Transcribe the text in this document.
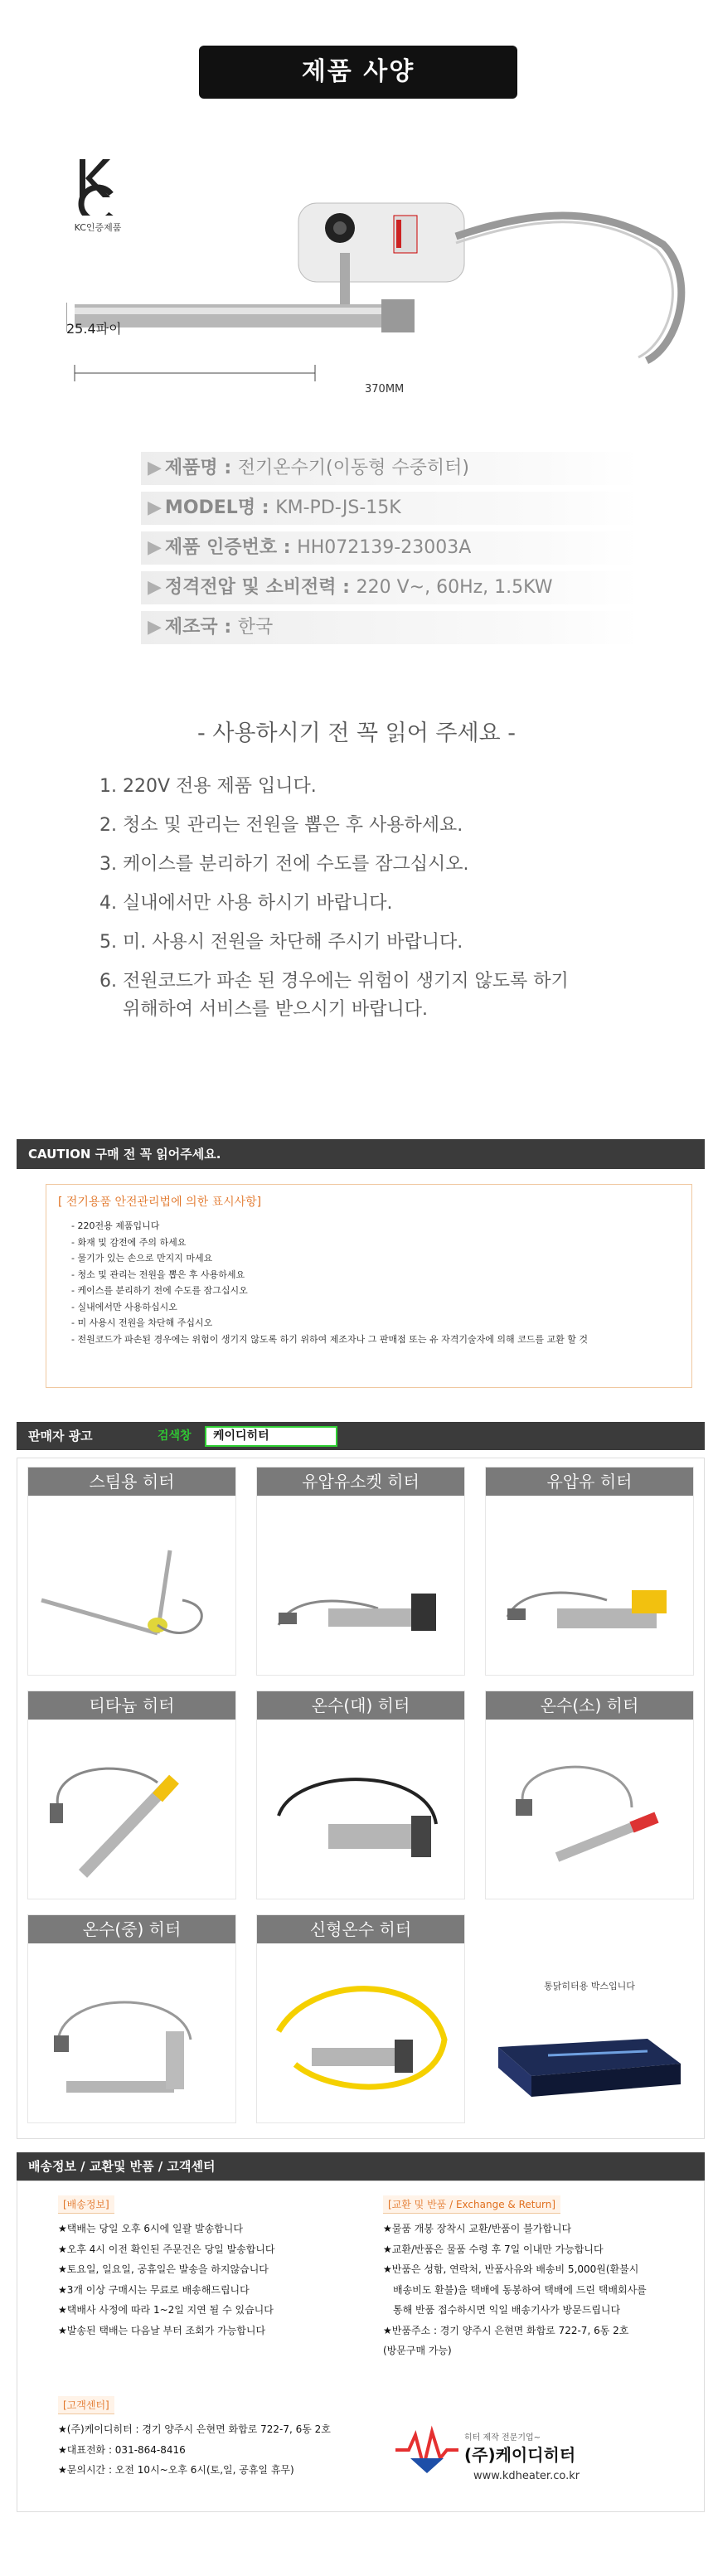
제품 사양
KC인증제품
25.4파이
370MM
▶ 제품명 : 전기온수기(이동형 수중히터)
▶ MODEL명 : KM-PD-JS-15K
▶ 제품 인증번호 : HH072139-23003A
▶ 정격전압 및 소비전력 : 220 V~, 60Hz, 1.5KW
▶ 제조국 : 한국
- 사용하시기 전 꼭 읽어 주세요 -
1. 220V 전용 제품 입니다.
2. 청소 및 관리는 전원을 뽑은 후 사용하세요.
3. 케이스를 분리하기 전에 수도를 잠그십시오.
4. 실내에서만 사용 하시기 바랍니다.
5. 미. 사용시 전원을 차단해 주시기 바랍니다.
6. 전원코드가 파손 된 경우에는 위험이 생기지 않도록 하기
위해하여 서비스를 받으시기 바랍니다.
CAUTION 구매 전 꼭 읽어주세요.
[ 전기용품 안전관리법에 의한 표시사항]
- 220전용 제품입니다
- 화재 및 감전에 주의 하세요
- 물기가 있는 손으로 만지지 마세요
- 청소 및 관리는 전원을 뽑은 후 사용하세요
- 케이스를 분리하기 전에 수도를 잠그십시오
- 실내에서만 사용하십시오
- 미 사용시 전원을 차단해 주십시오
- 전원코드가 파손된 경우에는 위험이 생기지 않도록 하기 위하여 제조자나 그 판매점 또는 유 자격기술자에 의해 코드를 교환 할 것
판매자 광고	검색창	케이디히터
스팀용 히터	유압유소켓 히터	유압유 히터
티타늄 히터	온수(대) 히터	온수(소) 히터
온수(중) 히터	신형온수 히터
통닭히터용 박스입니다
배송정보 / 교환및 반품 / 고객센터
[배송정보]

★택배는 당일 오후 6시에 일괄 발송합니다

★오후 4시 이전 확인된 주문건은 당일 발송합니다

★토요일, 일요일, 공휴일은 발송을 하지않습니다

★3개 이상 구매시는 무료로 배송해드립니다

★택배사 사정에 따라 1~2일 지연 될 수 있습니다

★발송된 택배는 다음날 부터 조회가 가능합니다

[고객센터]

★(주)케이디히터 : 경기 양주시 은현면 화합로 722-7, 6동 2호

★대표전화 : 031-864-8416

★문의시간 : 오전 10시~오후 6시(토,일, 공휴일 휴무)

[교환 및 반품 / Exchange & Return]

★물품 개봉 장착시 교환/반품이 불가합니다

★교환/반품은 물품 수령 후 7일 이내만 가능합니다

★반품은 성함, 연락처, 반품사유와 배송비 5,000원(환불시

배송비도 환불)을 택배에 동봉하여 택배에 드린 택배회사를

통해 반품 접수하시면 익일 배송기사가 방문드립니다

★반품주소 : 경기 양주시 은현면 화합로 722-7, 6동 2호

(방문구매 가능)

히터 제작 전문기업~
(주)케이디히터
www.kdheater.co.kr
